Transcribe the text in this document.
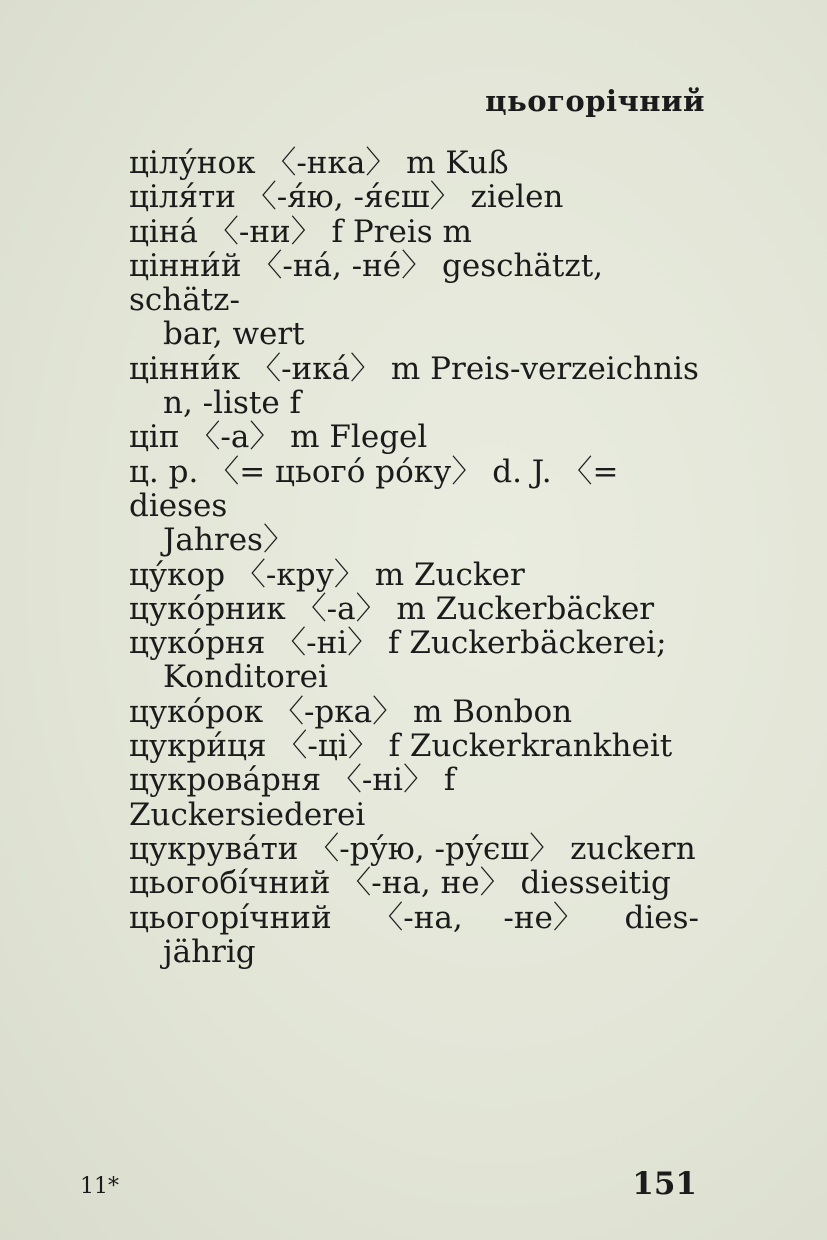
цьогорічний
цілу́нок 〈-нка〉 m Kuß
ціля́ти 〈-я́ю, -я́єш〉 zielen
ціна́ 〈-ни〉 f Preis m
цінни́й 〈-на́, -не́〉 geschätzt, schätz-
bar, wert
цінни́к 〈-ика́〉 m Preis-verzeichnis
n, -liste f
ціп 〈-а〉 m Flegel
ц. р. 〈= цього́ ро́ку〉 d. J. 〈= dieses
Jahres〉
цу́кор 〈-кру〉 m Zucker
цуко́рник 〈-а〉 m Zuckerbäcker
цуко́рня 〈-ні〉 f Zuckerbäckerei;
Konditorei
цуко́рок 〈-рка〉 m Bonbon
цукри́ця 〈-ці〉 f Zuckerkrankheit
цукрова́рня 〈-ні〉 f Zuckersiederei
цукрува́ти 〈-ру́ю, -ру́єш〉 zuckern
цьогобі́чний 〈-на, не〉 diesseitig
цьогорі́чний 〈-на, -не〉 dies-
jährig
11*	151
